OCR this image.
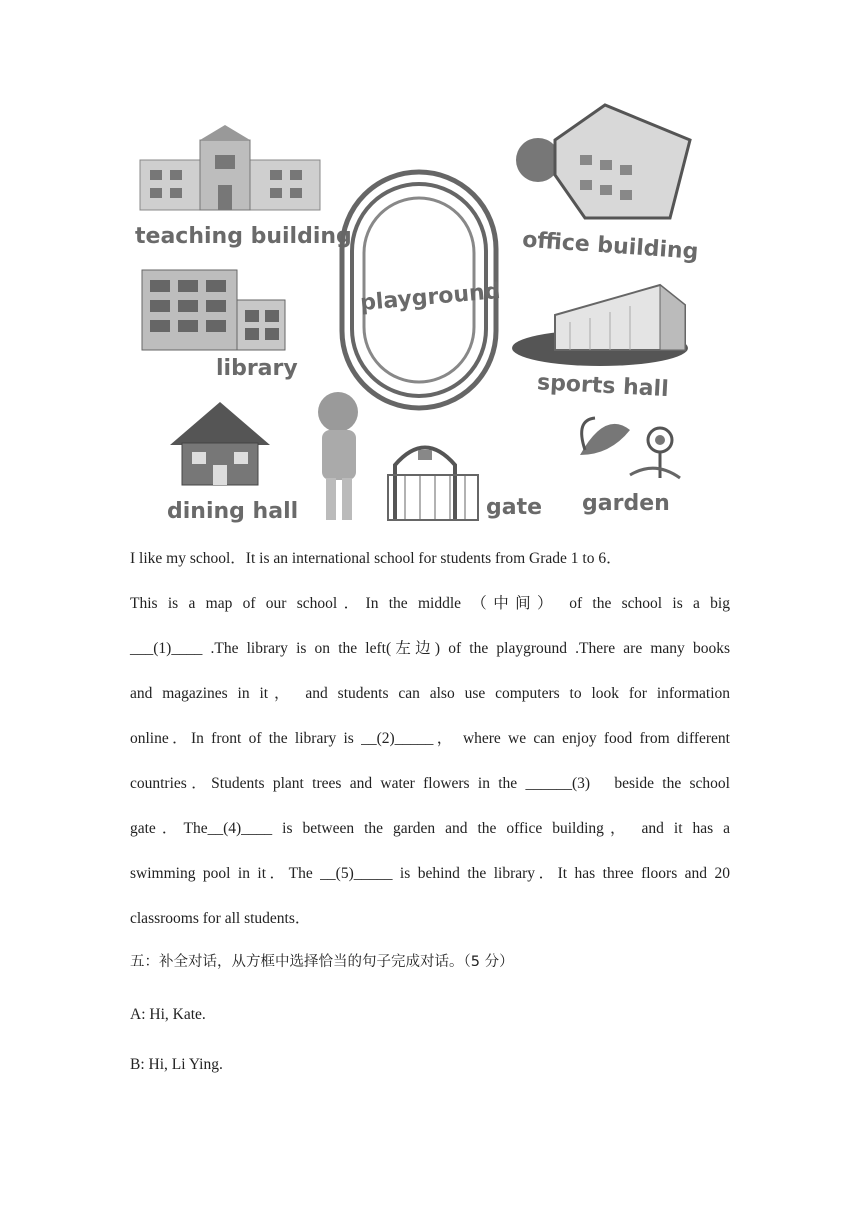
teaching building
playground
office building
library
sports hall
dining hall	gate garden
I like my school．It is an international school for students from Grade 1 to 6．
This is a map of our school．In the middle （中间） of the school is a big
___(1)____ .The library is on the left(左边) of the playground .There are many books
and magazines in it， and students can also use computers to look for information
online．In front of the library is __(2)_____， where we can enjoy food from different
countries．Students plant trees and water flowers in the ______(3)　beside the school
gate．The__(4)____ is between the garden and the office building， and it has a
swimming pool in it．The __(5)_____ is behind the library．It has three floors and 20
classrooms for all students．
五：补全对话，从方框中选择恰当的句子完成对话。（5 分）
A: Hi, Kate.
B: Hi, Li Ying.
